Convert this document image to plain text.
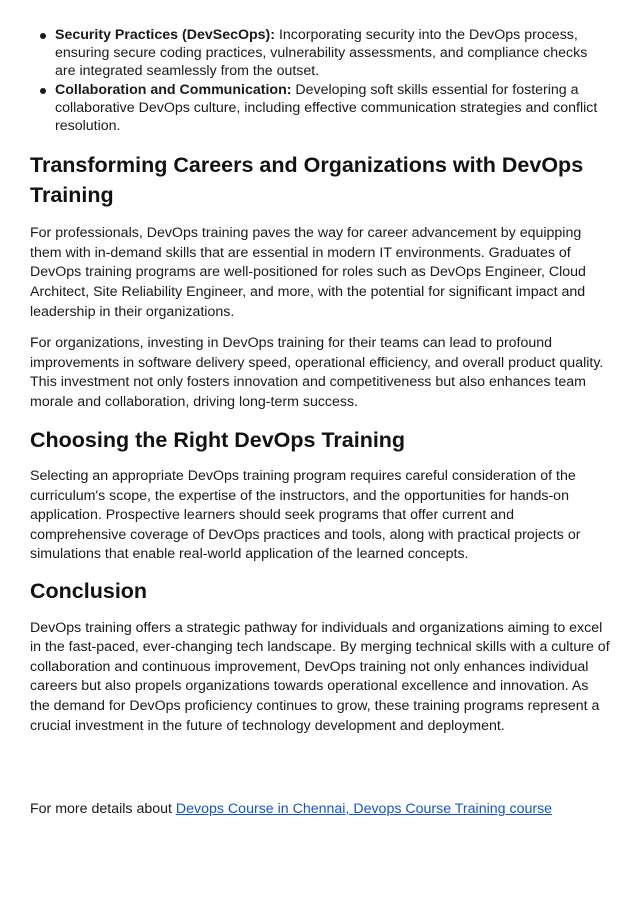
Security Practices (DevSecOps): Incorporating security into the DevOps process, ensuring secure coding practices, vulnerability assessments, and compliance checks are integrated seamlessly from the outset.
Collaboration and Communication: Developing soft skills essential for fostering a collaborative DevOps culture, including effective communication strategies and conflict resolution.
Transforming Careers and Organizations with DevOps Training

For professionals, DevOps training paves the way for career advancement by equipping them with in-demand skills that are essential in modern IT environments. Graduates of DevOps training programs are well-positioned for roles such as DevOps Engineer, Cloud Architect, Site Reliability Engineer, and more, with the potential for significant impact and leadership in their organizations.

For organizations, investing in DevOps training for their teams can lead to profound improvements in software delivery speed, operational efficiency, and overall product quality. This investment not only fosters innovation and competitiveness but also enhances team morale and collaboration, driving long-term success.

Choosing the Right DevOps Training

Selecting an appropriate DevOps training program requires careful consideration of the curriculum's scope, the expertise of the instructors, and the opportunities for hands-on application. Prospective learners should seek programs that offer current and comprehensive coverage of DevOps practices and tools, along with practical projects or simulations that enable real-world application of the learned concepts.

Conclusion

DevOps training offers a strategic pathway for individuals and organizations aiming to excel in the fast-paced, ever-changing tech landscape. By merging technical skills with a culture of collaboration and continuous improvement, DevOps training not only enhances individual careers but also propels organizations towards operational excellence and innovation. As the demand for DevOps proficiency continues to grow, these training programs represent a crucial investment in the future of technology development and deployment.

For more details about Devops Course in Chennai, Devops Course Training course
